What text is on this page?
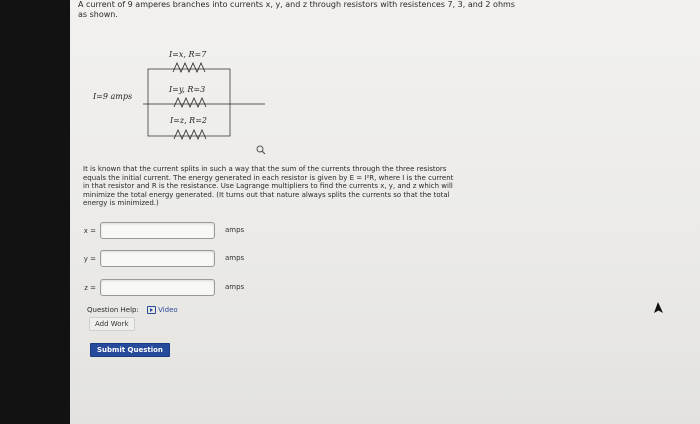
A current of 9 amperes branches into currents x, y, and z through resistors with resistences 7, 3, and 2 ohms
as shown.
I=9 amps
I=x, R=7
I=y, R=3
I=z, R=2
It is known that the current splits in such a way that the sum of the currents through the three resistors
equals the initial current. The energy generated in each resistor is given by E = I²R, where I is the current
in that resistor and R is the resistance. Use Lagrange multipliers to find the currents x, y, and z which will
minimize the total energy generated. (It turns out that nature always splits the currents so that the total
energy is minimized.)
x =	amps
y =	amps
z =	amps
Question Help:	Video
Add Work
Submit Question
